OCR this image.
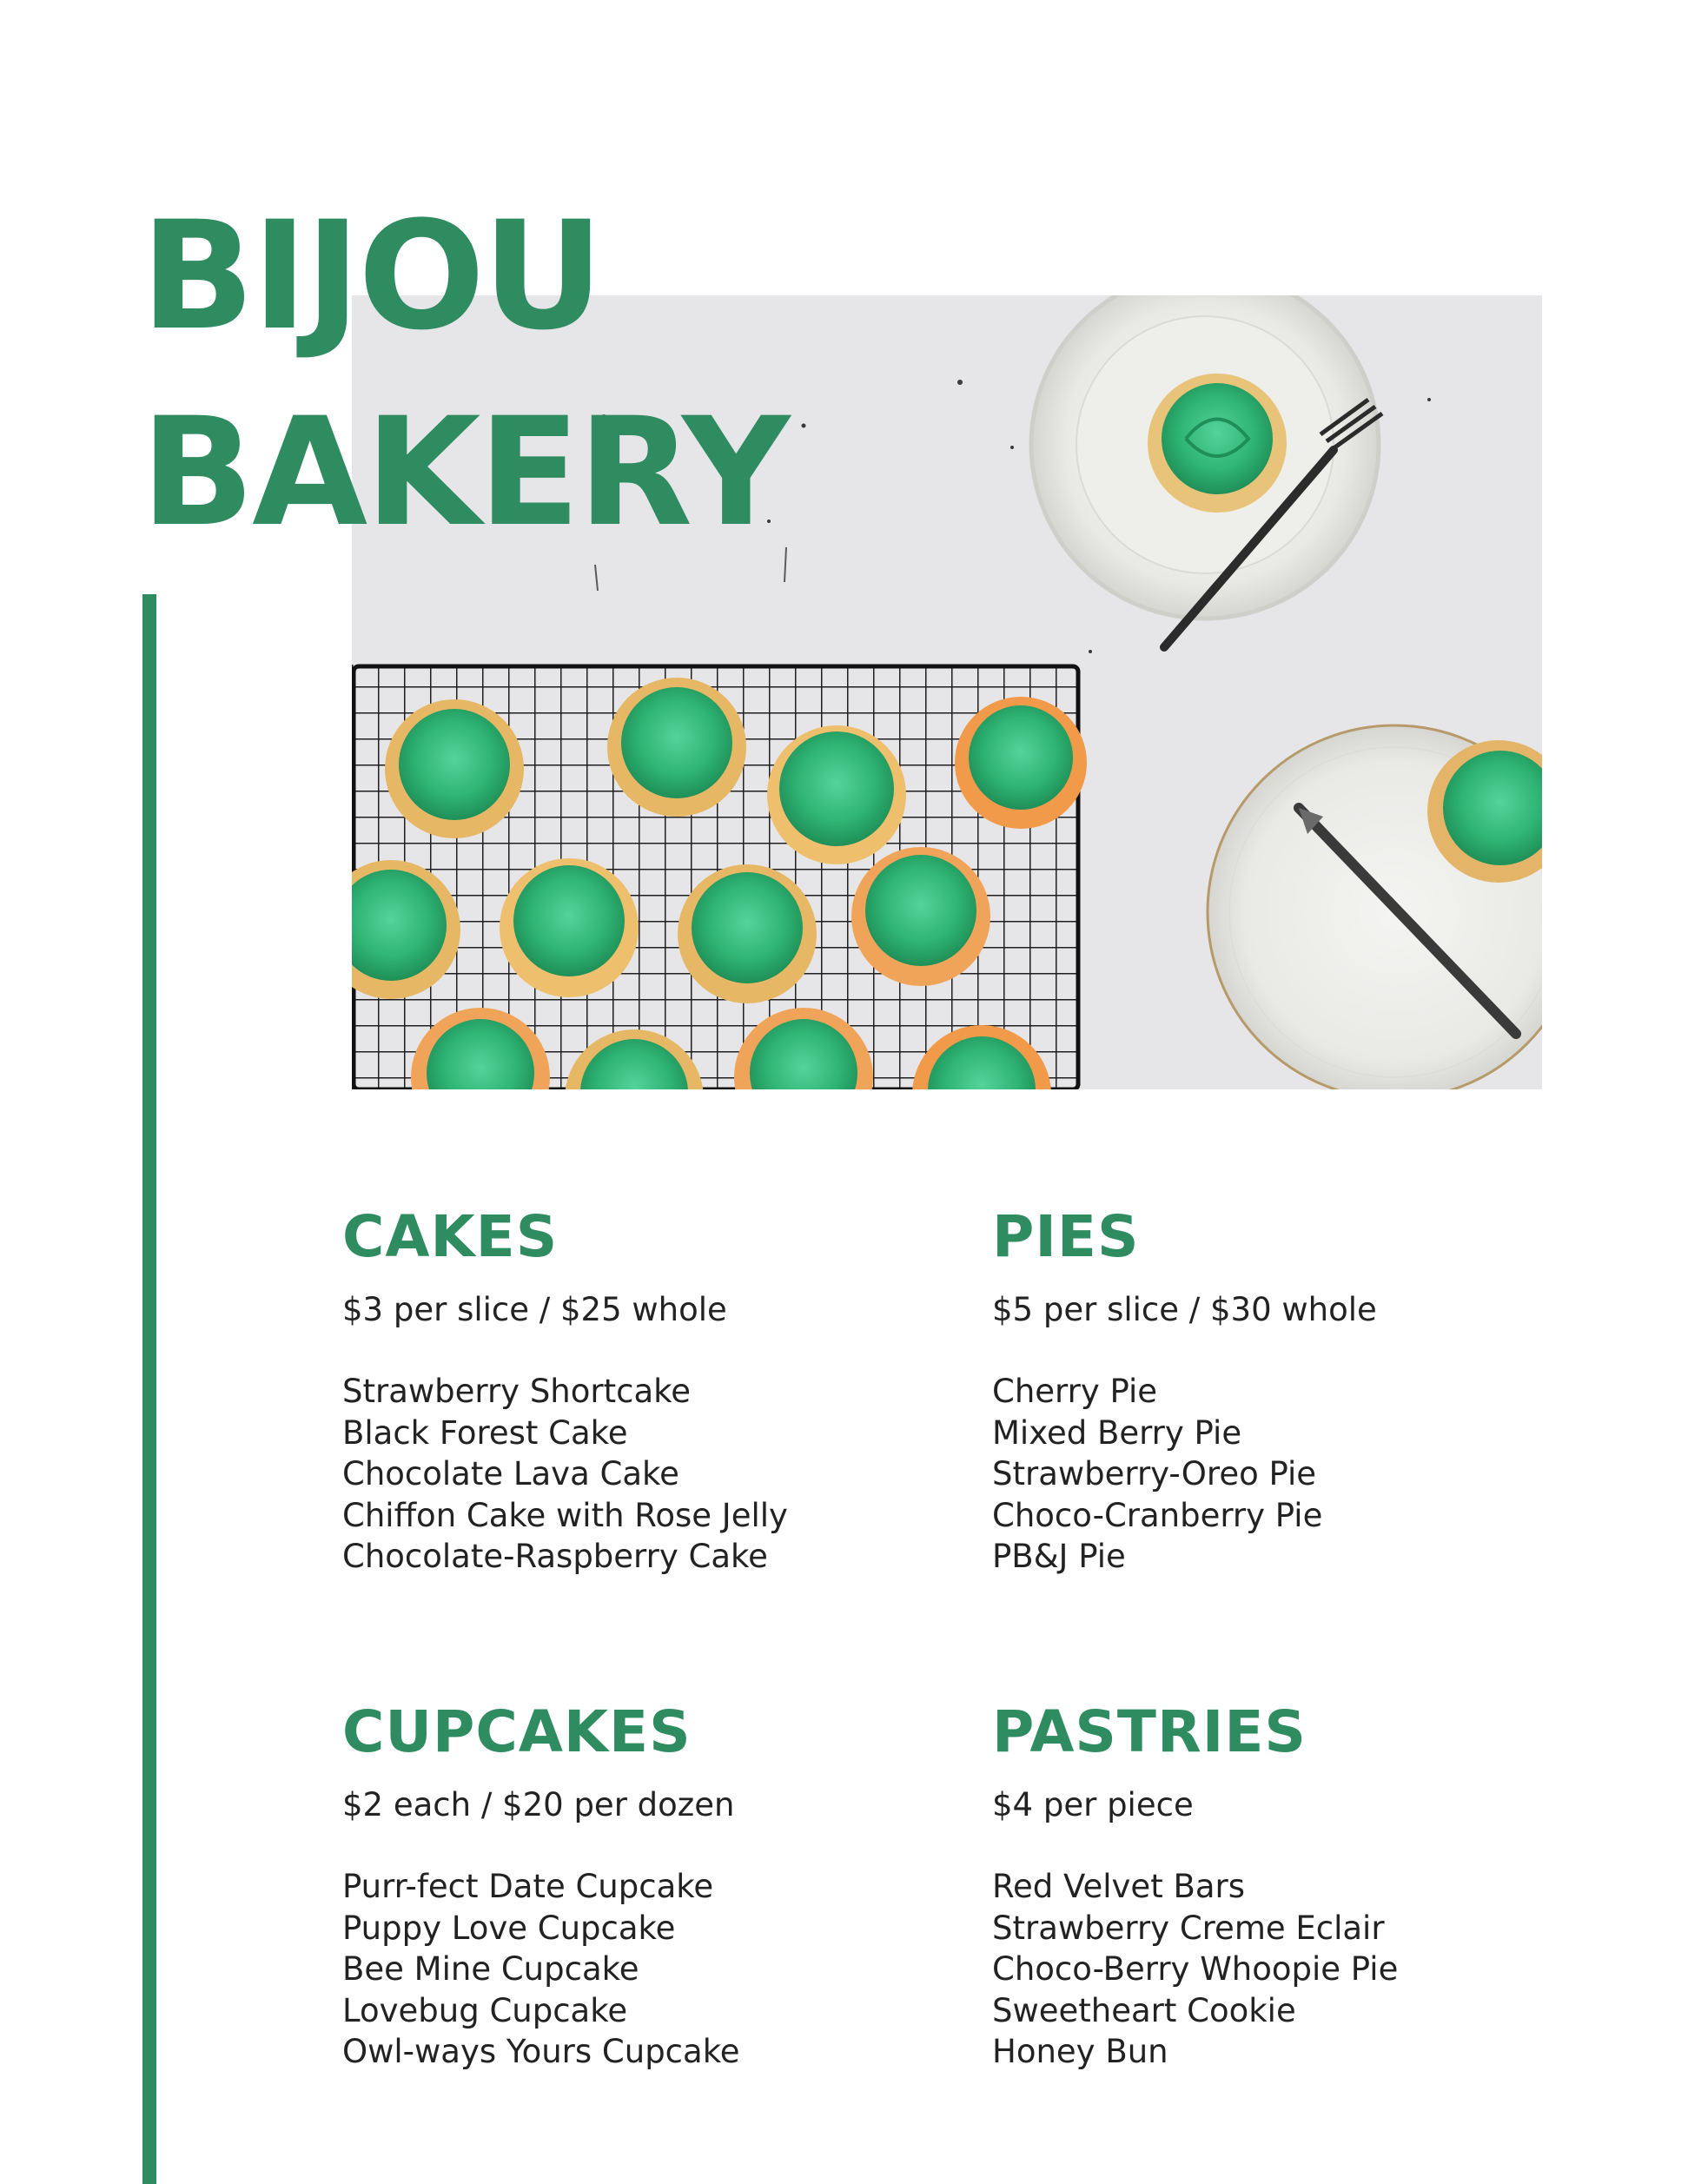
BIJOU
BAKERY
CAKES

$3 per slice / $25 whole

Strawberry Shortcake
Black Forest Cake
Chocolate Lava Cake
Chiffon Cake with Rose Jelly
Chocolate-Raspberry Cake
PIES

$5 per slice / $30 whole

Cherry Pie
Mixed Berry Pie
Strawberry-Oreo Pie
Choco-Cranberry Pie
PB&J Pie
CUPCAKES

$2 each / $20 per dozen

Purr-fect Date Cupcake
Puppy Love Cupcake
Bee Mine Cupcake
Lovebug Cupcake
Owl-ways Yours Cupcake
PASTRIES

$4 per piece

Red Velvet Bars
Strawberry Creme Eclair
Choco-Berry Whoopie Pie
Sweetheart Cookie
Honey Bun
